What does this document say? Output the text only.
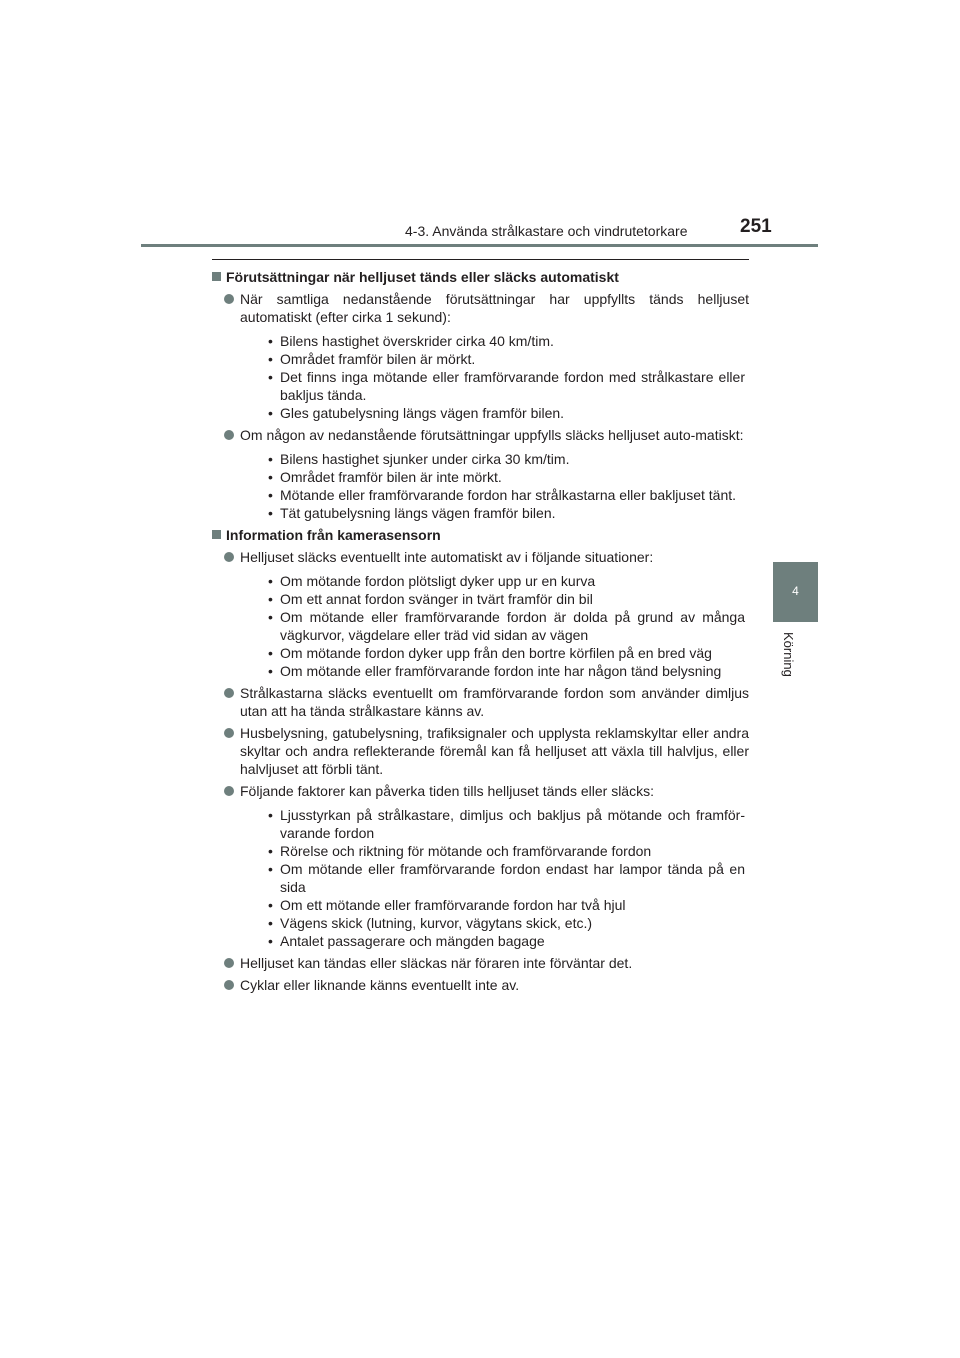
4-3. Använda strålkastare och vindrutetorkare	251
4
Körning
Förutsättningar när helljuset tänds eller släcks automatiskt
När samtliga nedanstående förutsättningar har uppfyllts tänds helljuset automatiskt (efter cirka 1 sekund):
• Bilens hastighet överskrider cirka 40 km/tim.
• Området framför bilen är mörkt.
• Det finns inga mötande eller framförvarande fordon med strålkastare eller bakljus tända.
• Gles gatubelysning längs vägen framför bilen.
Om någon av nedanstående förutsättningar uppfylls släcks helljuset auto-matiskt:
• Bilens hastighet sjunker under cirka 30 km/tim.
• Området framför bilen är inte mörkt.
• Mötande eller framförvarande fordon har strålkastarna eller bakljuset tänt.
• Tät gatubelysning längs vägen framför bilen.
Information från kamerasensorn
Helljuset släcks eventuellt inte automatiskt av i följande situationer:
• Om mötande fordon plötsligt dyker upp ur en kurva
• Om ett annat fordon svänger in tvärt framför din bil
• Om mötande eller framförvarande fordon är dolda på grund av många vägkurvor, vägdelare eller träd vid sidan av vägen
• Om mötande fordon dyker upp från den bortre körfilen på en bred väg
• Om mötande eller framförvarande fordon inte har någon tänd belysning
Strålkastarna släcks eventuellt om framförvarande fordon som använder dimljus utan att ha tända strålkastare känns av.
Husbelysning, gatubelysning, trafiksignaler och upplysta reklamskyltar eller andra skyltar och andra reflekterande föremål kan få helljuset att växla till halvljus, eller halvljuset att förbli tänt.
Följande faktorer kan påverka tiden tills helljuset tänds eller släcks:
• Ljusstyrkan på strålkastare, dimljus och bakljus på mötande och framför-varande fordon
• Rörelse och riktning för mötande och framförvarande fordon
• Om mötande eller framförvarande fordon endast har lampor tända på en sida
• Om ett mötande eller framförvarande fordon har två hjul
• Vägens skick (lutning, kurvor, vägytans skick, etc.)
• Antalet passagerare och mängden bagage
Helljuset kan tändas eller släckas när föraren inte förväntar det.
Cyklar eller liknande känns eventuellt inte av.
